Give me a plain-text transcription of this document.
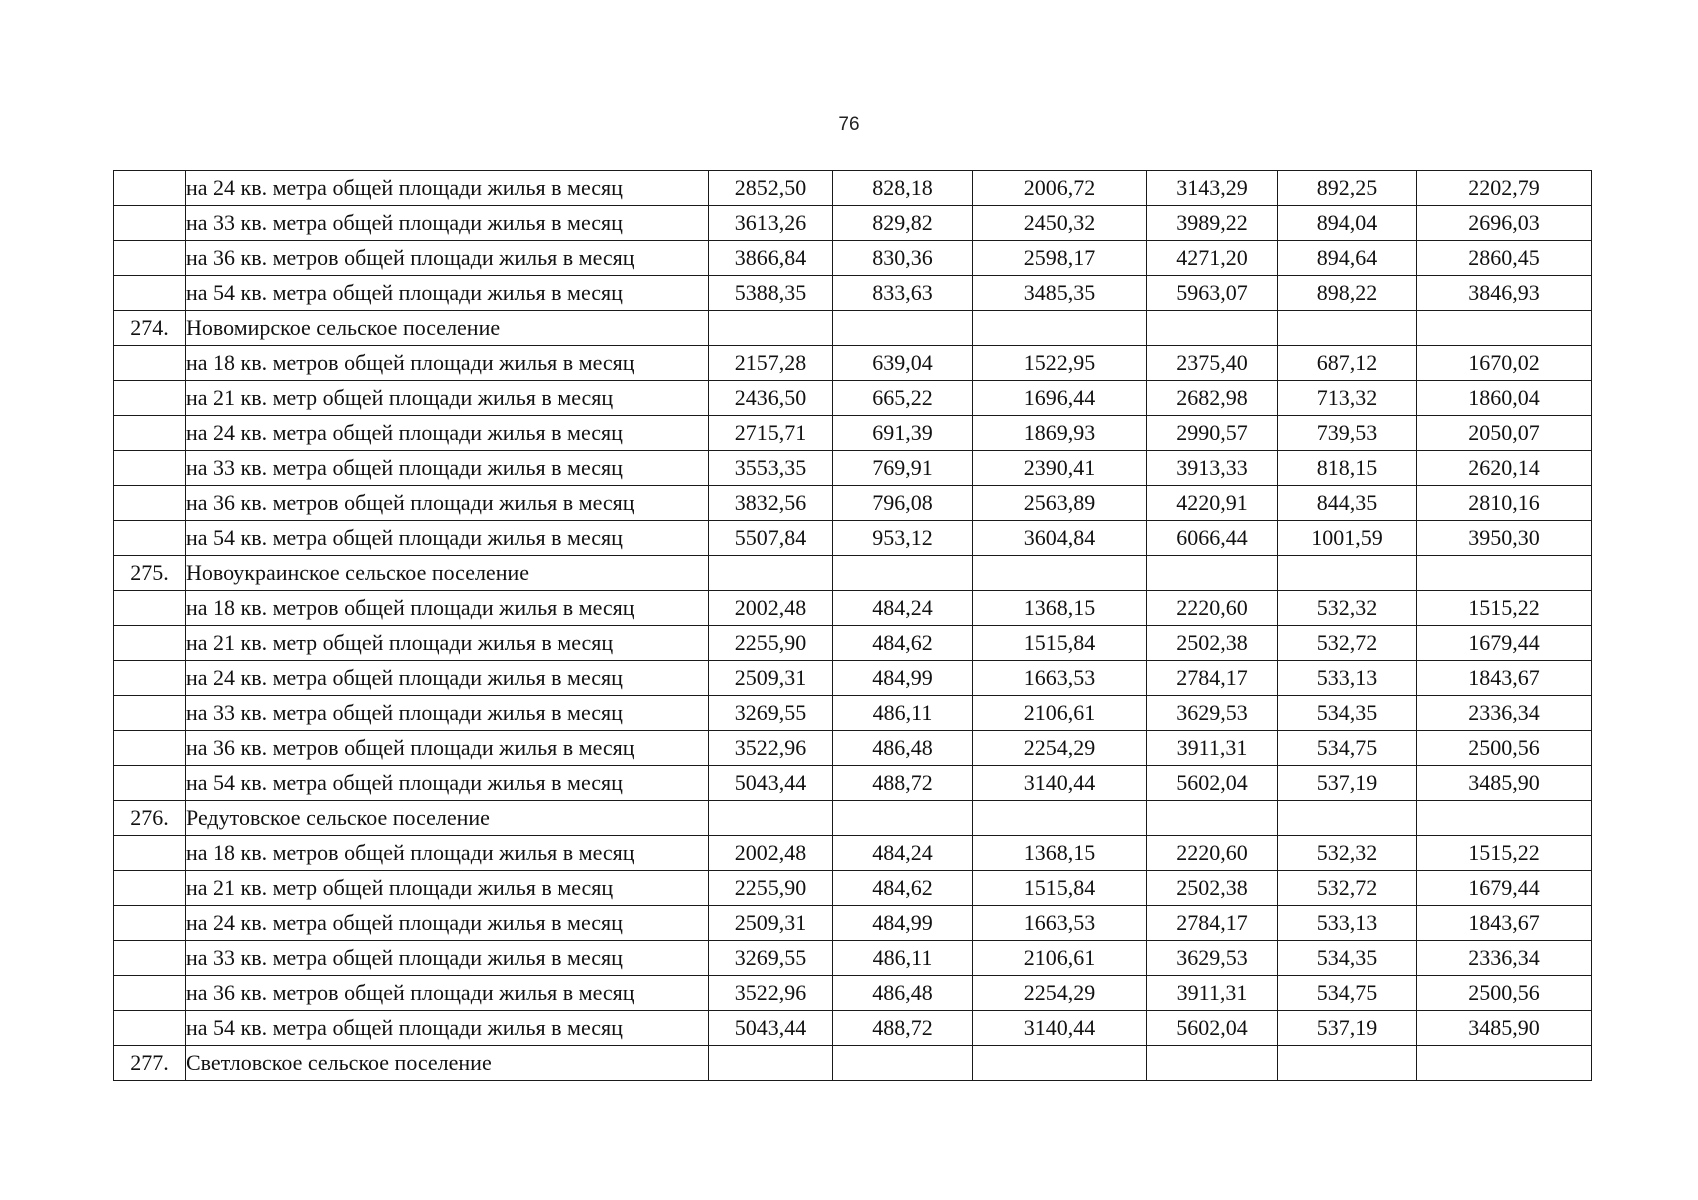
76
	на 24 кв. метра общей площади жилья в месяц	2852,50	828,18	2006,72	3143,29	892,25	2202,79
	на 33 кв. метра общей площади жилья в месяц	3613,26	829,82	2450,32	3989,22	894,04	2696,03
	на 36 кв. метров общей площади жилья в месяц	3866,84	830,36	2598,17	4271,20	894,64	2860,45
	на 54 кв. метра общей площади жилья в месяц	5388,35	833,63	3485,35	5963,07	898,22	3846,93
274.	Новомирское сельское поселение						
	на 18 кв. метров общей площади жилья в месяц	2157,28	639,04	1522,95	2375,40	687,12	1670,02
	на 21 кв. метр общей площади жилья в месяц	2436,50	665,22	1696,44	2682,98	713,32	1860,04
	на 24 кв. метра общей площади жилья в месяц	2715,71	691,39	1869,93	2990,57	739,53	2050,07
	на 33 кв. метра общей площади жилья в месяц	3553,35	769,91	2390,41	3913,33	818,15	2620,14
	на 36 кв. метров общей площади жилья в месяц	3832,56	796,08	2563,89	4220,91	844,35	2810,16
	на 54 кв. метра общей площади жилья в месяц	5507,84	953,12	3604,84	6066,44	1001,59	3950,30
275.	Новоукраинское сельское поселение						
	на 18 кв. метров общей площади жилья в месяц	2002,48	484,24	1368,15	2220,60	532,32	1515,22
	на 21 кв. метр общей площади жилья в месяц	2255,90	484,62	1515,84	2502,38	532,72	1679,44
	на 24 кв. метра общей площади жилья в месяц	2509,31	484,99	1663,53	2784,17	533,13	1843,67
	на 33 кв. метра общей площади жилья в месяц	3269,55	486,11	2106,61	3629,53	534,35	2336,34
	на 36 кв. метров общей площади жилья в месяц	3522,96	486,48	2254,29	3911,31	534,75	2500,56
	на 54 кв. метра общей площади жилья в месяц	5043,44	488,72	3140,44	5602,04	537,19	3485,90
276.	Редутовское сельское поселение						
	на 18 кв. метров общей площади жилья в месяц	2002,48	484,24	1368,15	2220,60	532,32	1515,22
	на 21 кв. метр общей площади жилья в месяц	2255,90	484,62	1515,84	2502,38	532,72	1679,44
	на 24 кв. метра общей площади жилья в месяц	2509,31	484,99	1663,53	2784,17	533,13	1843,67
	на 33 кв. метра общей площади жилья в месяц	3269,55	486,11	2106,61	3629,53	534,35	2336,34
	на 36 кв. метров общей площади жилья в месяц	3522,96	486,48	2254,29	3911,31	534,75	2500,56
	на 54 кв. метра общей площади жилья в месяц	5043,44	488,72	3140,44	5602,04	537,19	3485,90
277.	Светловское сельское поселение						
